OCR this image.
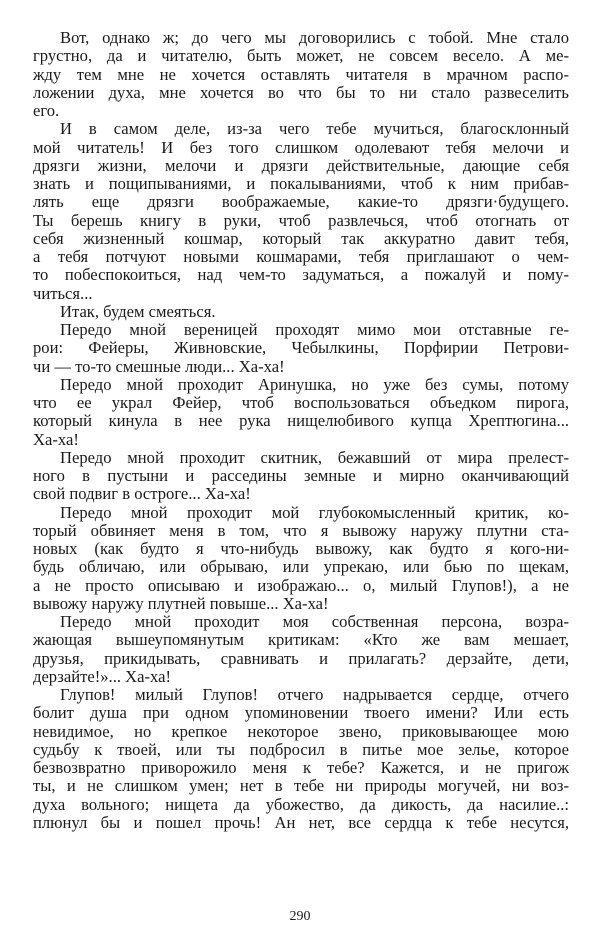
Вот, однако ж; до чего мы договорились с тобой. Мне стало
грустно, да и читателю, быть может, не совсем весело. А ме-
жду тем мне не хочется оставлять читателя в мрачном распо-
ложении духа, мне хочется во что бы то ни стало развеселить
его.
И в самом деле, из-за чего тебе мучиться, благосклонный
мой читатель! И без того слишком одолевают тебя мелочи и
дрязги жизни, мелочи и дрязги действительные, дающие себя
знать и пощипываниями, и покалываниями, чтоб к ним прибав-
лять еще дрязги воображаемые, какие-то дрязги·будущего.
Ты берешь книгу в руки, чтоб развлечься, чтоб отогнать от
себя жизненный кошмар, который так аккуратно давит тебя,
а тебя потчуют новыми кошмарами, тебя приглашают о чем-
то побеспокоиться, над чем-то задуматься, а пожалуй и помy-
читься...
Итак, будем смеяться.
Передо мной вереницей проходят мимо мои отставные ге-
рои: Фейеры, Живновские, Чебылкины, Порфирии Петрови-
чи — то-то смешные люди... Ха-ха!
Передо мной проходит Аринушка, но уже без сумы, потому
что ее украл Фейер, чтоб воспользоваться объедком пирога,
который кинула в нее рука нищелюбивого купца Хрептюгина...
Ха-ха!
Передо мной проходит скитник, бежавший от мира прелест-
ного в пустыни и расседины земные и мирно оканчивающий
свой подвиг в остроге... Ха-ха!
Передо мной проходит мой глубокомысленный критик, ко-
торый обвиняет меня в том, что я вывожу наружу плутни ста-
новых (как будто я что-нибудь вывожу, как будто я кого-ни-
будь обличаю, или обрываю, или упрекаю, или бью по щекам,
а не просто описываю и изображаю... о, милый Глупов!), а не
вывожу наружу плутней повыше... Ха-ха!
Передо мной проходит моя собственная персона, возра-
жающая вышеупомянутым критикам: «Кто же вам мешает,
друзья, прикидывать, сравнивать и прилагать? дерзайте, дети,
дерзайте!»... Ха-ха!
Глупов! милый Глупов! отчего надрывается сердце, отчего
болит душа при одном упоминовении твоего имени? Или есть
невидимое, но крепкое некоторое звено, приковывающее мою
судьбу к твоей, или ты подбросил в питье мое зелье, которое
безвозвратно приворожило меня к тебе? Кажется, и не пригож
ты, и не слишком умен; нет в тебе ни природы могучей, ни воз-
духа вольного; нищета да убожество, да дикость, да насилие..:
плюнул бы и пошел прочь! Ан нет, все сердца к тебе несутся,
290
